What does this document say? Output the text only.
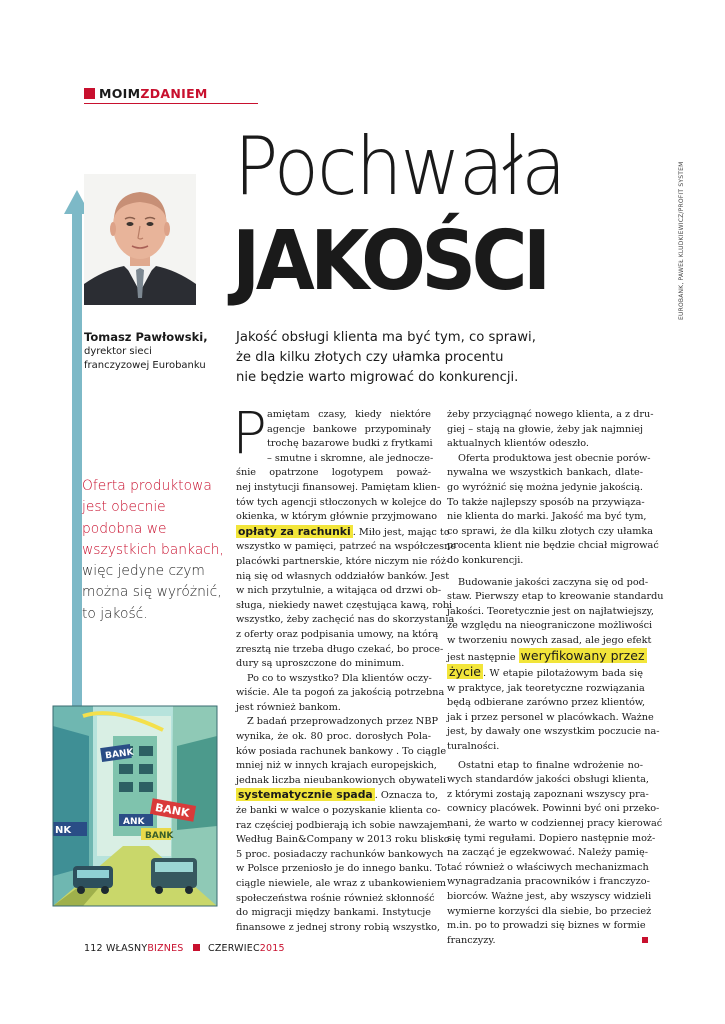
MOIMZDANIEM
Pochwała
JAKOŚCI	EUROBANK, PAWEŁ KLUDKIEWICZ/PROFIT SYSTEM
Tomasz Pawłowski,
dyrektor sieci
franczyzowej Eurobanku
Jakość obsługi klienta ma być tym, co sprawi,
że dla kilku złotych czy ułamka procentu
nie będzie warto migrować do konkurencji.
Oferta produktowa
jest obecnie
podobna we
wszystkich bankach,
więc jedyne czym
można się wyróżnić,
to jakość.
BANK
BANK
ANK
NK	BANK
P amiętam czasy, kiedy niektóre
agencje bankowe przypominały
trochę bazarowe budki z frytkami
– smutne i skromne, ale jednocze-
śnie opatrzone logotypem poważ-
nej instytucji finansowej. Pamiętam klien-
tów tych agencji stłoczonych w kolejce do
okienka, w którym głównie przyjmowano
opłaty za rachunki . Miło jest, mając to
wszystko w pamięci, patrzeć na współczesne
placówki partnerskie, które niczym nie róż-
nią się od własnych oddziałów banków. Jest
w nich przytulnie, a witająca od drzwi ob-
sługa, niekiedy nawet częstująca kawą, robi
wszystko, żeby zachęcić nas do skorzystania
z oferty oraz podpisania umowy, na którą
zresztą nie trzeba długo czekać, bo proce-
dury są uproszczone do minimum.
Po co to wszystko? Dla klientów oczy-
wiście. Ale ta pogoń za jakością potrzebna
jest również bankom.
Z badań przeprowadzonych przez NBP
wynika, że ok. 80 proc. dorosłych Pola-
ków posiada rachunek bankowy . To ciągle
mniej niż w innych krajach europejskich,
jednak liczba nieubankowionych obywateli
systematycznie spada . Oznacza to,
że banki w walce o pozyskanie klienta co-
raz częściej podbierają ich sobie nawzajem.
Według Bain&Company w 2013 roku blisko
5 proc. posiadaczy rachunków bankowych
w Polsce przeniosło je do innego banku. To
ciągle niewiele, ale wraz z ubankowieniem
społeczeństwa rośnie również skłonność
do migracji między bankami. Instytucje
finansowe z jednej strony robią wszystko,
żeby przyciągnąć nowego klienta, a z dru-
giej – stają na głowie, żeby jak najmniej
aktualnych klientów odeszło.
Oferta produktowa jest obecnie porów-
nywalna we wszystkich bankach, dlate-
go wyróżnić się można jedynie jakością.
To także najlepszy sposób na przywiąza-
nie klienta do marki. Jakość ma być tym,
co sprawi, że dla kilku złotych czy ułamka
procenta klient nie będzie chciał migrować
do konkurencji.
Budowanie jakości zaczyna się od pod-
staw. Pierwszy etap to kreowanie standardu
jakości. Teoretycznie jest on najłatwiejszy,
ze względu na nieograniczone możliwości
w tworzeniu nowych zasad, ale jego efekt
jest następnie weryfikowany przez
życie . W etapie pilotażowym bada się
w praktyce, jak teoretyczne rozwiązania
będą odbierane zarówno przez klientów,
jak i przez personel w placówkach. Ważne
jest, by dawały one wszystkim poczucie na-
turalności.
Ostatni etap to finalne wdrożenie no-
wych standardów jakości obsługi klienta,
z którymi zostają zapoznani wszyscy pra-
cownicy placówek. Powinni być oni przeko-
nani, że warto w codziennej pracy kierować
się tymi regułami. Dopiero następnie moż-
na zacząć je egzekwować. Należy pamię-
tać również o właściwych mechanizmach
wynagradzania pracowników i franczyzo-
biorców. Ważne jest, aby wszyscy widzieli
wymierne korzyści dla siebie, bo przecież
m.in. po to prowadzi się biznes w formie
franczyzy.
112 WŁASNYBIZNES	CZERWIEC2015
